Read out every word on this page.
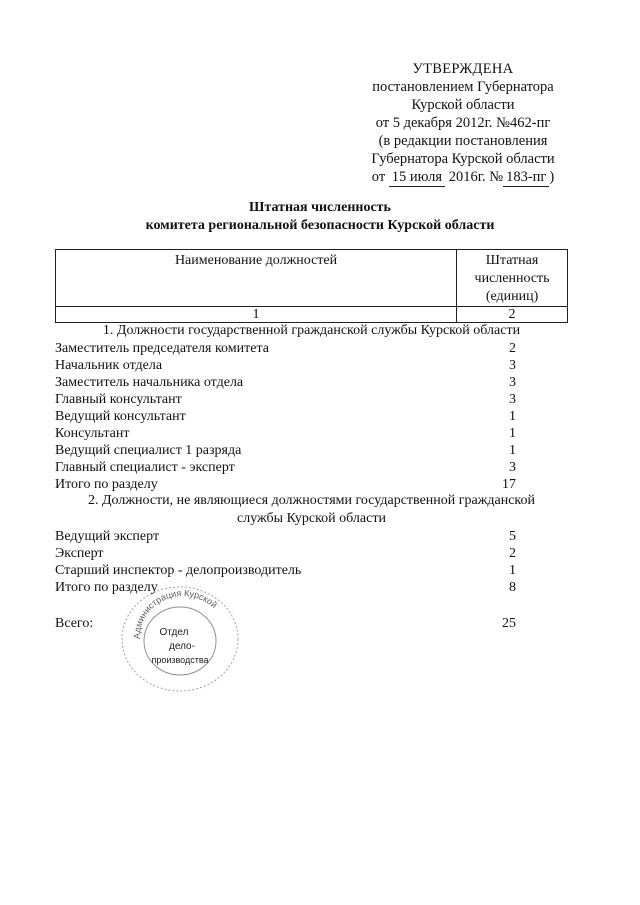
УТВЕРЖДЕНА
постановлением Губернатора
Курской области
от 5 декабря 2012г. №462-пг
(в редакции постановления
Губернатора Курской области
от 15 июля 2016г. № 183-пг )
Штатная численность
комитета региональной безопасности Курской области
Наименование должностей	Штатная
численность
(единиц)

1	2
1. Должности государственной гражданской службы Курской области
Заместитель председателя комитета	2
Начальник отдела	3
Заместитель начальника отдела	3
Главный консультант	3
Ведущий консультант	1
Консультант	1
Ведущий специалист 1 разряда	1
Главный специалист - эксперт	3
Итого по разделу	17
2. Должности, не являющиеся должностями государственной гражданской
службы Курской области
Ведущий эксперт	5
Эксперт	2
Старший инспектор - делопроизводитель	1
Итого по разделу	8
Всего:	25
Администрация Курской
Отдел
дело-
производства
